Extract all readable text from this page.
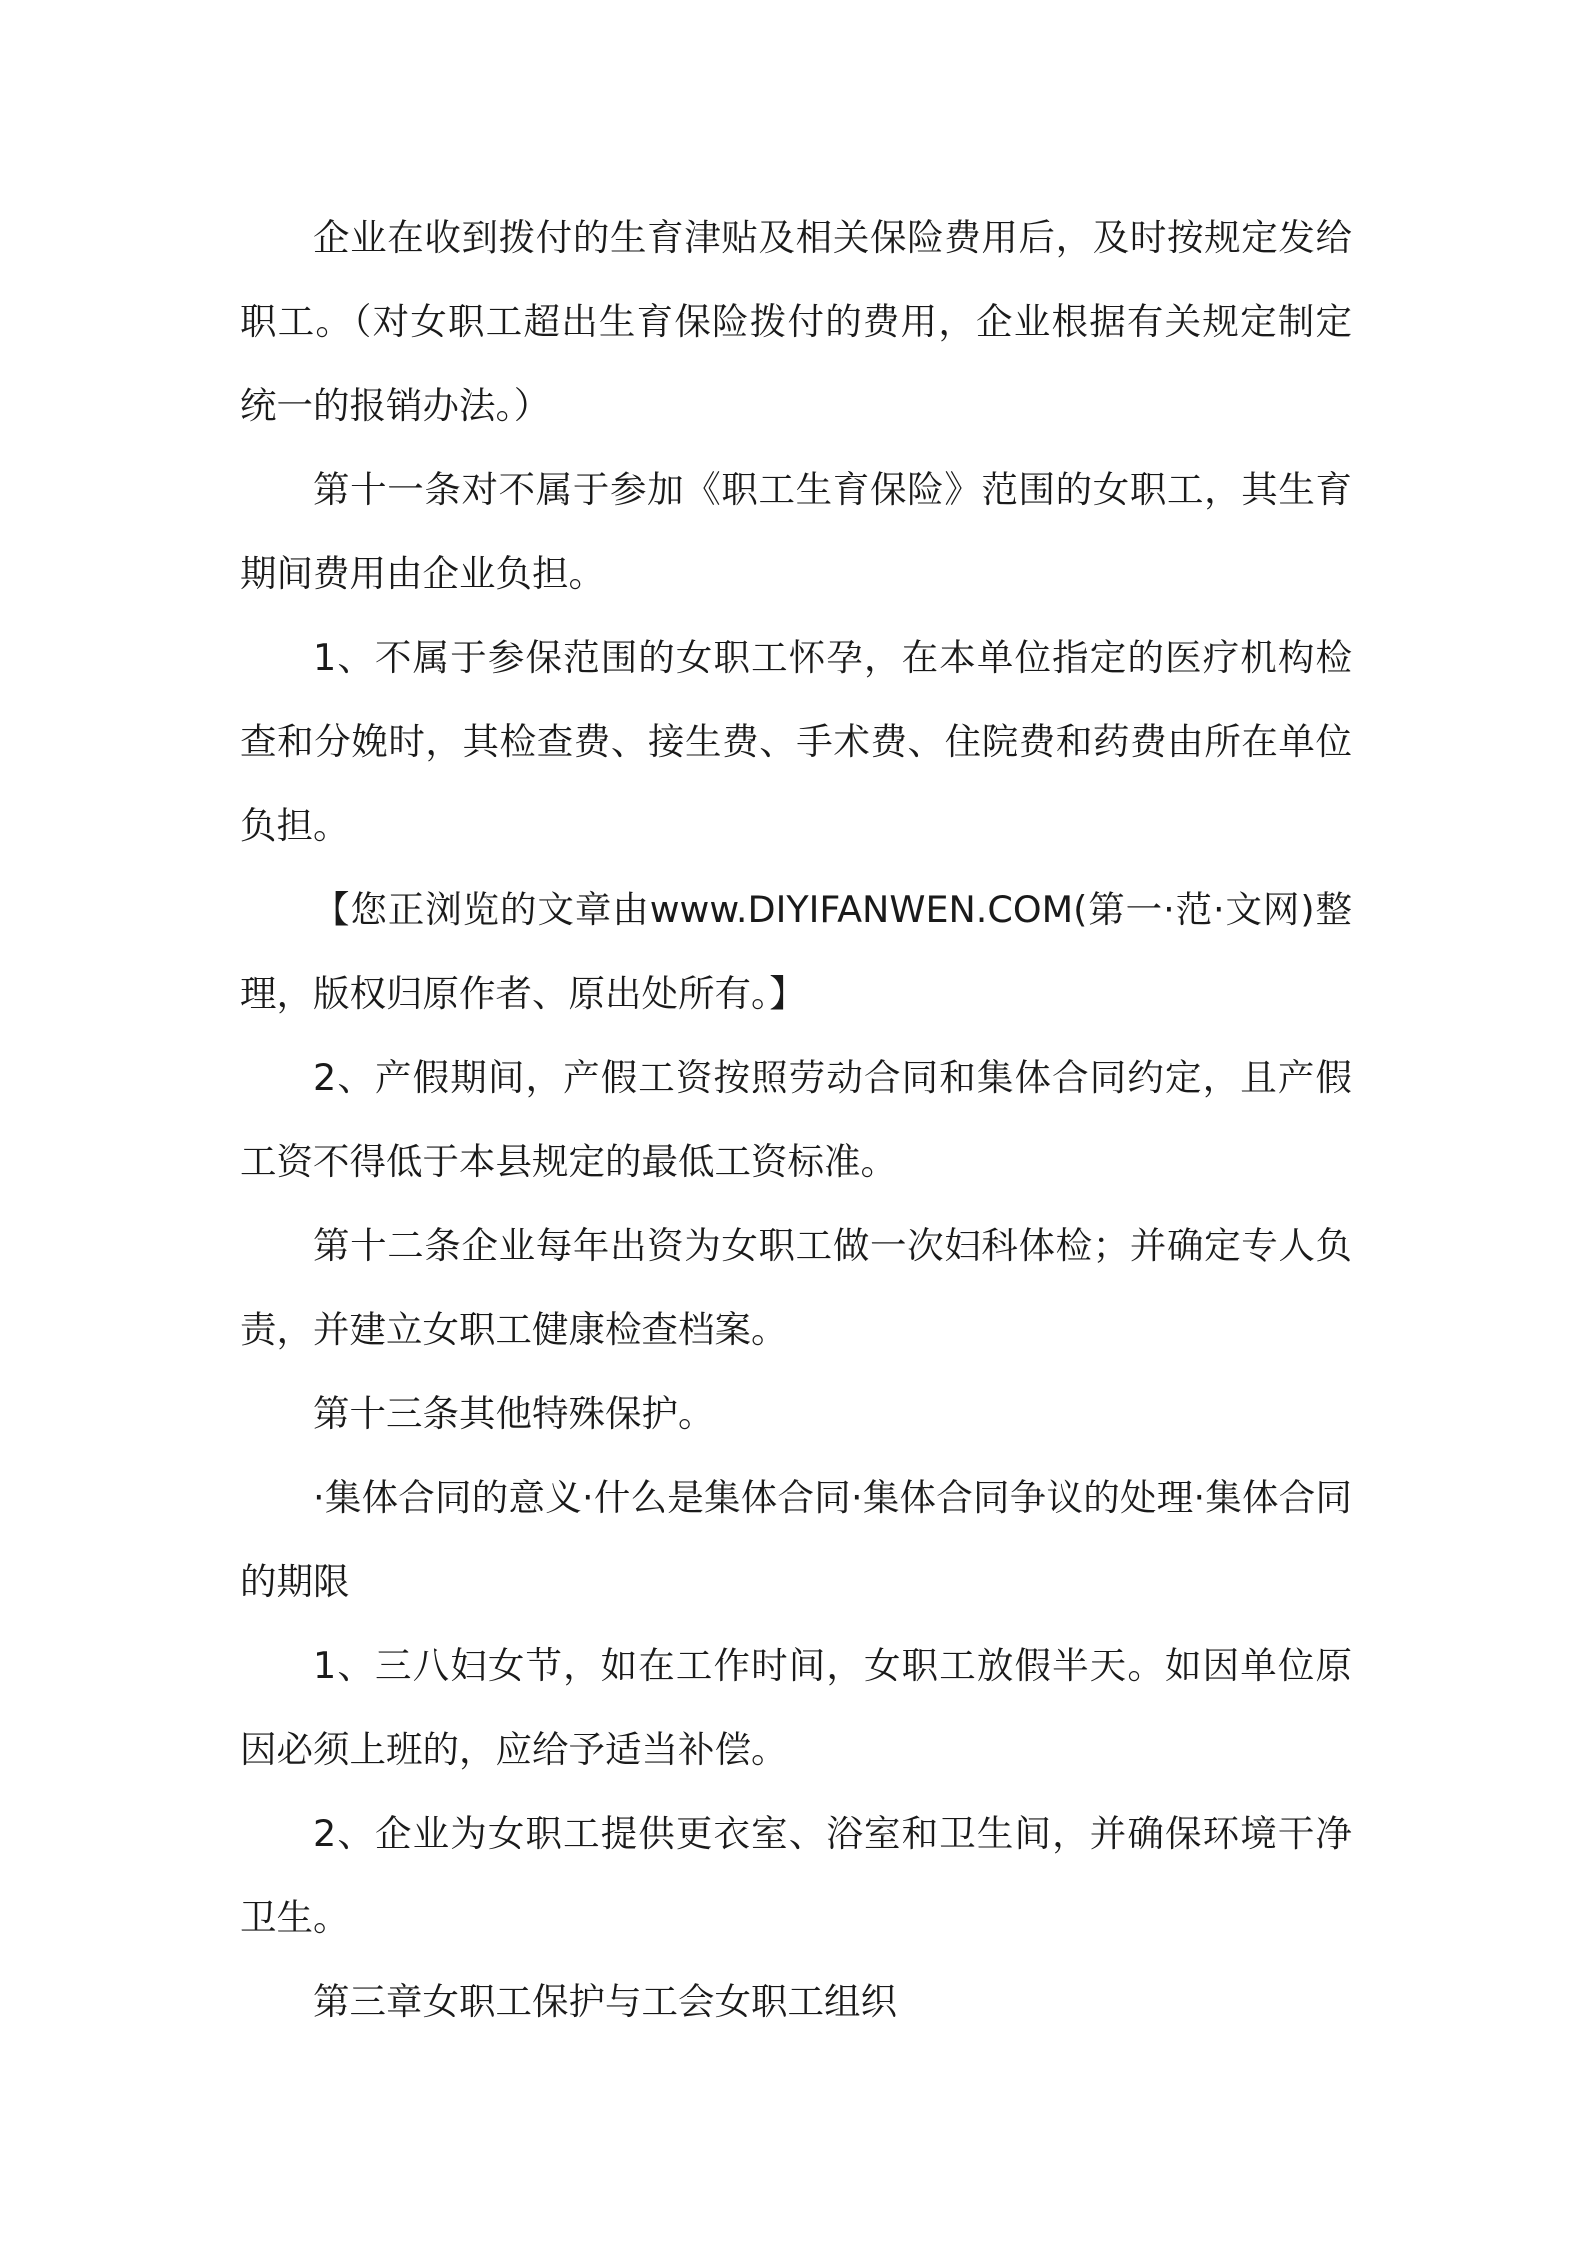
企业在收到拨付的生育津贴及相关保险费用后，及时按规定发给职工。（对女职工超出生育保险拨付的费用，企业根据有关规定制定统一的报销办法。）

第十一条对不属于参加《职工生育保险》范围的女职工，其生育期间费用由企业负担。

1、不属于参保范围的女职工怀孕，在本单位指定的医疗机构检查和分娩时，其检查费、接生费、手术费、住院费和药费由所在单位负担。

【您正浏览的文章由www.DIYIFANWEN.COM(第一·范·文网)整理，版权归原作者、原出处所有。】

2、产假期间，产假工资按照劳动合同和集体合同约定，且产假工资不得低于本县规定的最低工资标准。

第十二条企业每年出资为女职工做一次妇科体检；并确定专人负责，并建立女职工健康检查档案。

第十三条其他特殊保护。

·集体合同的意义·什么是集体合同·集体合同争议的处理·集体合同的期限

1、三八妇女节，如在工作时间，女职工放假半天。如因单位原因必须上班的，应给予适当补偿。

2、企业为女职工提供更衣室、浴室和卫生间，并确保环境干净卫生。

第三章女职工保护与工会女职工组织
